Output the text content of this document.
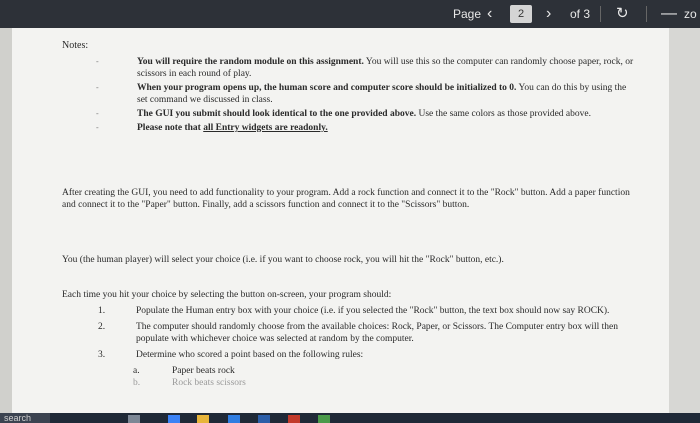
Page ‹	2	› of 3 ↻ — zo
Notes:
-	You will require the random module on this assignment. You will use this so the computer can randomly choose paper, rock, or scissors in each round of play.
-	When your program opens up, the human score and computer score should be initialized to 0. You can do this by using the set command we discussed in class.
-	The GUI you submit should look identical to the one provided above. Use the same colors as those provided above.
-	Please note that all Entry widgets are readonly.
After creating the GUI, you need to add functionality to your program. Add a rock function and connect it to the "Rock" button. Add a paper function and connect it to the "Paper" button. Finally, add a scissors function and connect it to the "Scissors" button.
You (the human player) will select your choice (i.e. if you want to choose rock, you will hit the "Rock" button, etc.).
Each time you hit your choice by selecting the button on-screen, your program should:
1.	Populate the Human entry box with your choice (i.e. if you selected the "Rock" button, the text box should now say ROCK).
2.	The computer should randomly choose from the available choices: Rock, Paper, or Scissors. The Computer entry box will then populate with whichever choice was selected at random by the computer.
3.	Determine who scored a point based on the following rules:
a.	Paper beats rock
b.	Rock beats scissors
search
